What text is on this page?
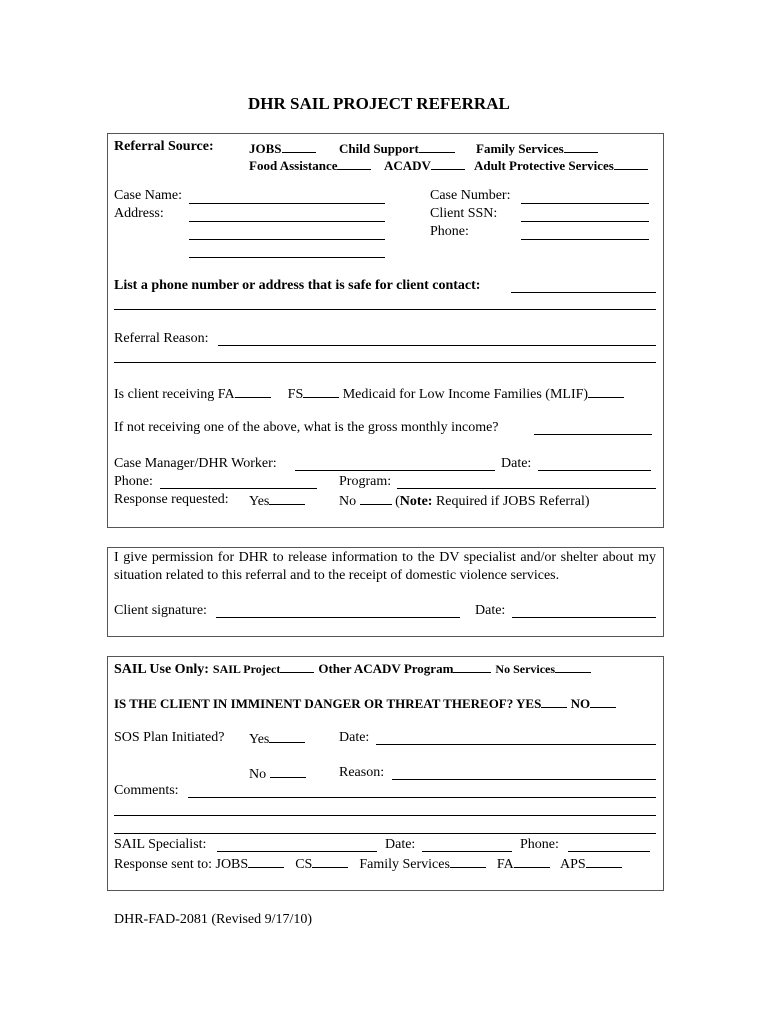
DHR SAIL PROJECT REFERRAL
Referral Source:	JOBS	Child Support	Family Services
Food Assistance	ACADV	Adult Protective Services
Case Name:
Address:
Case Number:
Client SSN:
Phone:
List a phone number or address that is safe for client contact:
Referral Reason:
Is client receiving FA	FS	Medicaid for Low Income Families (MLIF)
If not receiving one of the above, what is the gross monthly income?
Case Manager/DHR Worker:	Date:
Phone:	Program:
Response requested: Yes	No	(Note: Required if JOBS Referral)
I give permission for DHR to release information to the DV specialist and/or shelter about my situation related to this referral and to the receipt of domestic violence services.
Client signature:	Date:
SAIL Use Only: SAIL Project	Other ACADV Program	No Services
IS THE CLIENT IN IMMINENT DANGER OR THREAT THEREOF? YES NO
SOS Plan Initiated? Yes	Date:
No	Reason:
Comments:
SAIL Specialist:	Date:	Phone:
Response sent to: JOBS	CS	Family Services	FA	APS
DHR-FAD-2081 (Revised 9/17/10)
